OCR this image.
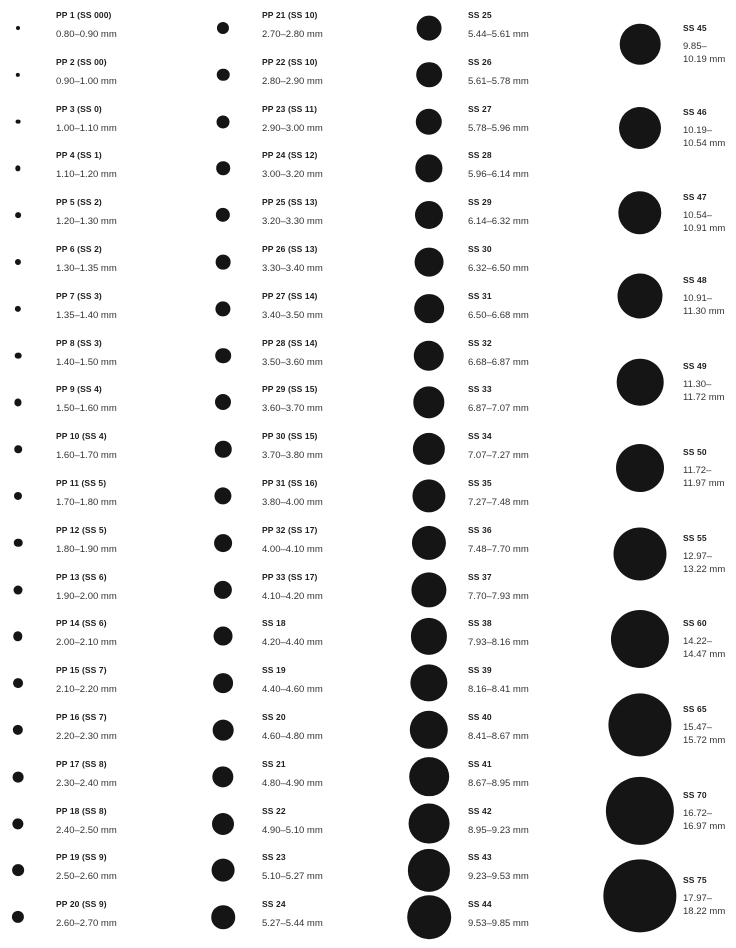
PP 1 (SS 000)
0.80–0.90 mm
PP 2 (SS 00)
0.90–1.00 mm
PP 3 (SS 0)
1.00–1.10 mm
PP 4 (SS 1)
1.10–1.20 mm
PP 5 (SS 2)
1.20–1.30 mm
PP 6 (SS 2)
1.30–1.35 mm
PP 7 (SS 3)
1.35–1.40 mm
PP 8 (SS 3)
1.40–1.50 mm
PP 9 (SS 4)
1.50–1.60 mm
PP 10 (SS 4)
1.60–1.70 mm
PP 11 (SS 5)
1.70–1.80 mm
PP 12 (SS 5)
1.80–1.90 mm
PP 13 (SS 6)
1.90–2.00 mm
PP 14 (SS 6)
2.00–2.10 mm
PP 15 (SS 7)
2.10–2.20 mm
PP 16 (SS 7)
2.20–2.30 mm
PP 17 (SS 8)
2.30–2.40 mm
PP 18 (SS 8)
2.40–2.50 mm
PP 19 (SS 9)
2.50–2.60 mm
PP 20 (SS 9)
2.60–2.70 mm
PP 21 (SS 10)
2.70–2.80 mm
PP 22 (SS 10)
2.80–2.90 mm
PP 23 (SS 11)
2.90–3.00 mm
PP 24 (SS 12)
3.00–3.20 mm
PP 25 (SS 13)
3.20–3.30 mm
PP 26 (SS 13)
3.30–3.40 mm
PP 27 (SS 14)
3.40–3.50 mm
PP 28 (SS 14)
3.50–3.60 mm
PP 29 (SS 15)
3.60–3.70 mm
PP 30 (SS 15)
3.70–3.80 mm
PP 31 (SS 16)
3.80–4.00 mm
PP 32 (SS 17)
4.00–4.10 mm
PP 33 (SS 17)
4.10–4.20 mm
SS 18
4.20–4.40 mm
SS 19
4.40–4.60 mm
SS 20
4.60–4.80 mm
SS 21
4.80–4.90 mm
SS 22
4.90–5.10 mm
SS 23
5.10–5.27 mm
SS 24
5.27–5.44 mm
SS 25
5.44–5.61 mm
SS 26
5.61–5.78 mm
SS 27
5.78–5.96 mm
SS 28
5.96–6.14 mm
SS 29
6.14–6.32 mm
SS 30
6.32–6.50 mm
SS 31
6.50–6.68 mm
SS 32
6.68–6.87 mm
SS 33
6.87–7.07 mm
SS 34
7.07–7.27 mm
SS 35
7.27–7.48 mm
SS 36
7.48–7.70 mm
SS 37
7.70–7.93 mm
SS 38
7.93–8.16 mm
SS 39
8.16–8.41 mm
SS 40
8.41–8.67 mm
SS 41
8.67–8.95 mm
SS 42
8.95–9.23 mm
SS 43
9.23–9.53 mm
SS 44
9.53–9.85 mm
SS 45
9.85–
10.19 mm
SS 46
10.19–
10.54 mm
SS 47
10.54–
10.91 mm
SS 48
10.91–
11.30 mm
SS 49
11.30–
11.72 mm
SS 50
11.72–
11.97 mm
SS 55
12.97–
13.22 mm
SS 60
14.22–
14.47 mm
SS 65
15.47–
15.72 mm
SS 70
16.72–
16.97 mm
SS 75
17.97–
18.22 mm
